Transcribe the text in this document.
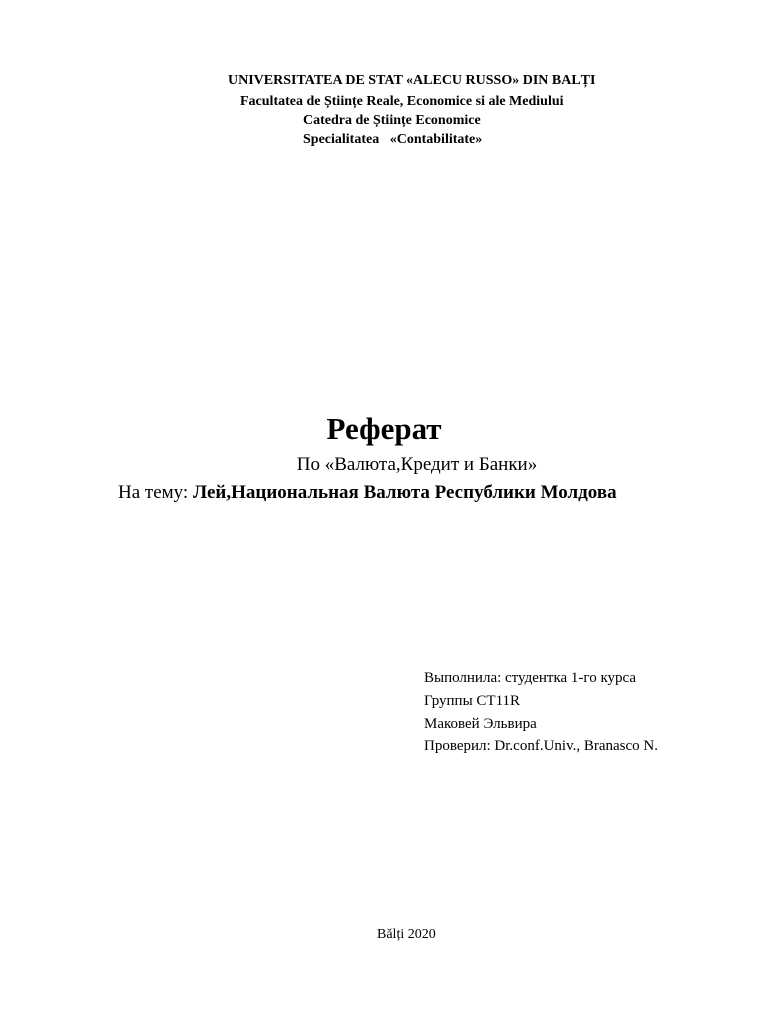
UNIVERSITATEA DE STAT «ALECU RUSSO» DIN BALȚI
Facultatea de Științe Reale, Economice si ale Mediului
Catedra de Științe Economice
Specialitatea   «Contabilitate»
Реферат
По «Валюта,Кредит и Банки»
На тему: Лей,Национальная Валюта Республики Молдова
Выполнила: студентка 1-го курса
Группы СТ11R
Маковей Эльвира
Проверил: Dr.conf.Univ., Branasco N.
Bălți 2020
